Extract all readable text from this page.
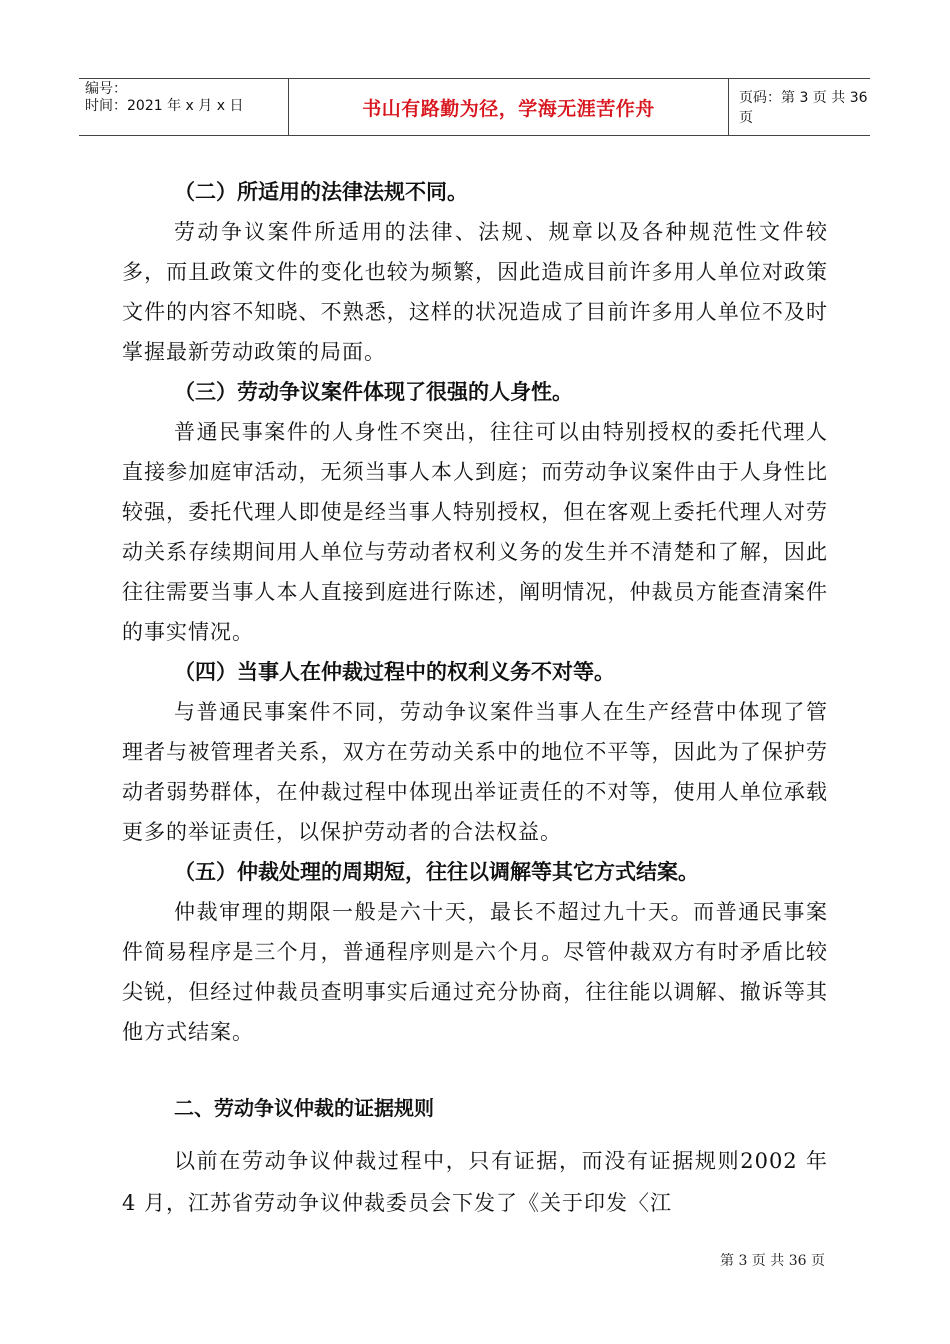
编号：
时间：2021 年 x 月 x 日	书山有路勤为径，学海无涯苦作舟	页码：第 3 页 共 36 页

（二）所适用的法律法规不同。

劳动争议案件所适用的法律、法规、规章以及各种规范性文件较多，而且政策文件的变化也较为频繁，因此造成目前许多用人单位对政策文件的内容不知晓、不熟悉，这样的状况造成了目前许多用人单位不及时掌握最新劳动政策的局面。

（三）劳动争议案件体现了很强的人身性。

普通民事案件的人身性不突出，往往可以由特别授权的委托代理人直接参加庭审活动，无须当事人本人到庭；而劳动争议案件由于人身性比较强，委托代理人即使是经当事人特别授权，但在客观上委托代理人对劳动关系存续期间用人单位与劳动者权利义务的发生并不清楚和了解，因此往往需要当事人本人直接到庭进行陈述，阐明情况，仲裁员方能查清案件的事实情况。

（四）当事人在仲裁过程中的权利义务不对等。

与普通民事案件不同，劳动争议案件当事人在生产经营中体现了管理者与被管理者关系，双方在劳动关系中的地位不平等，因此为了保护劳动者弱势群体，在仲裁过程中体现出举证责任的不对等，使用人单位承载更多的举证责任，以保护劳动者的合法权益。

（五）仲裁处理的周期短，往往以调解等其它方式结案。

仲裁审理的期限一般是六十天，最长不超过九十天。而普通民事案件简易程序是三个月，普通程序则是六个月。尽管仲裁双方有时矛盾比较尖锐，但经过仲裁员查明事实后通过充分协商，往往能以调解、撤诉等其他方式结案。

二、劳动争议仲裁的证据规则

以前在劳动争议仲裁过程中，只有证据，而没有证据规则2002 年 4 月，江苏省劳动争议仲裁委员会下发了《关于印发〈江

第 3 页 共 36 页
